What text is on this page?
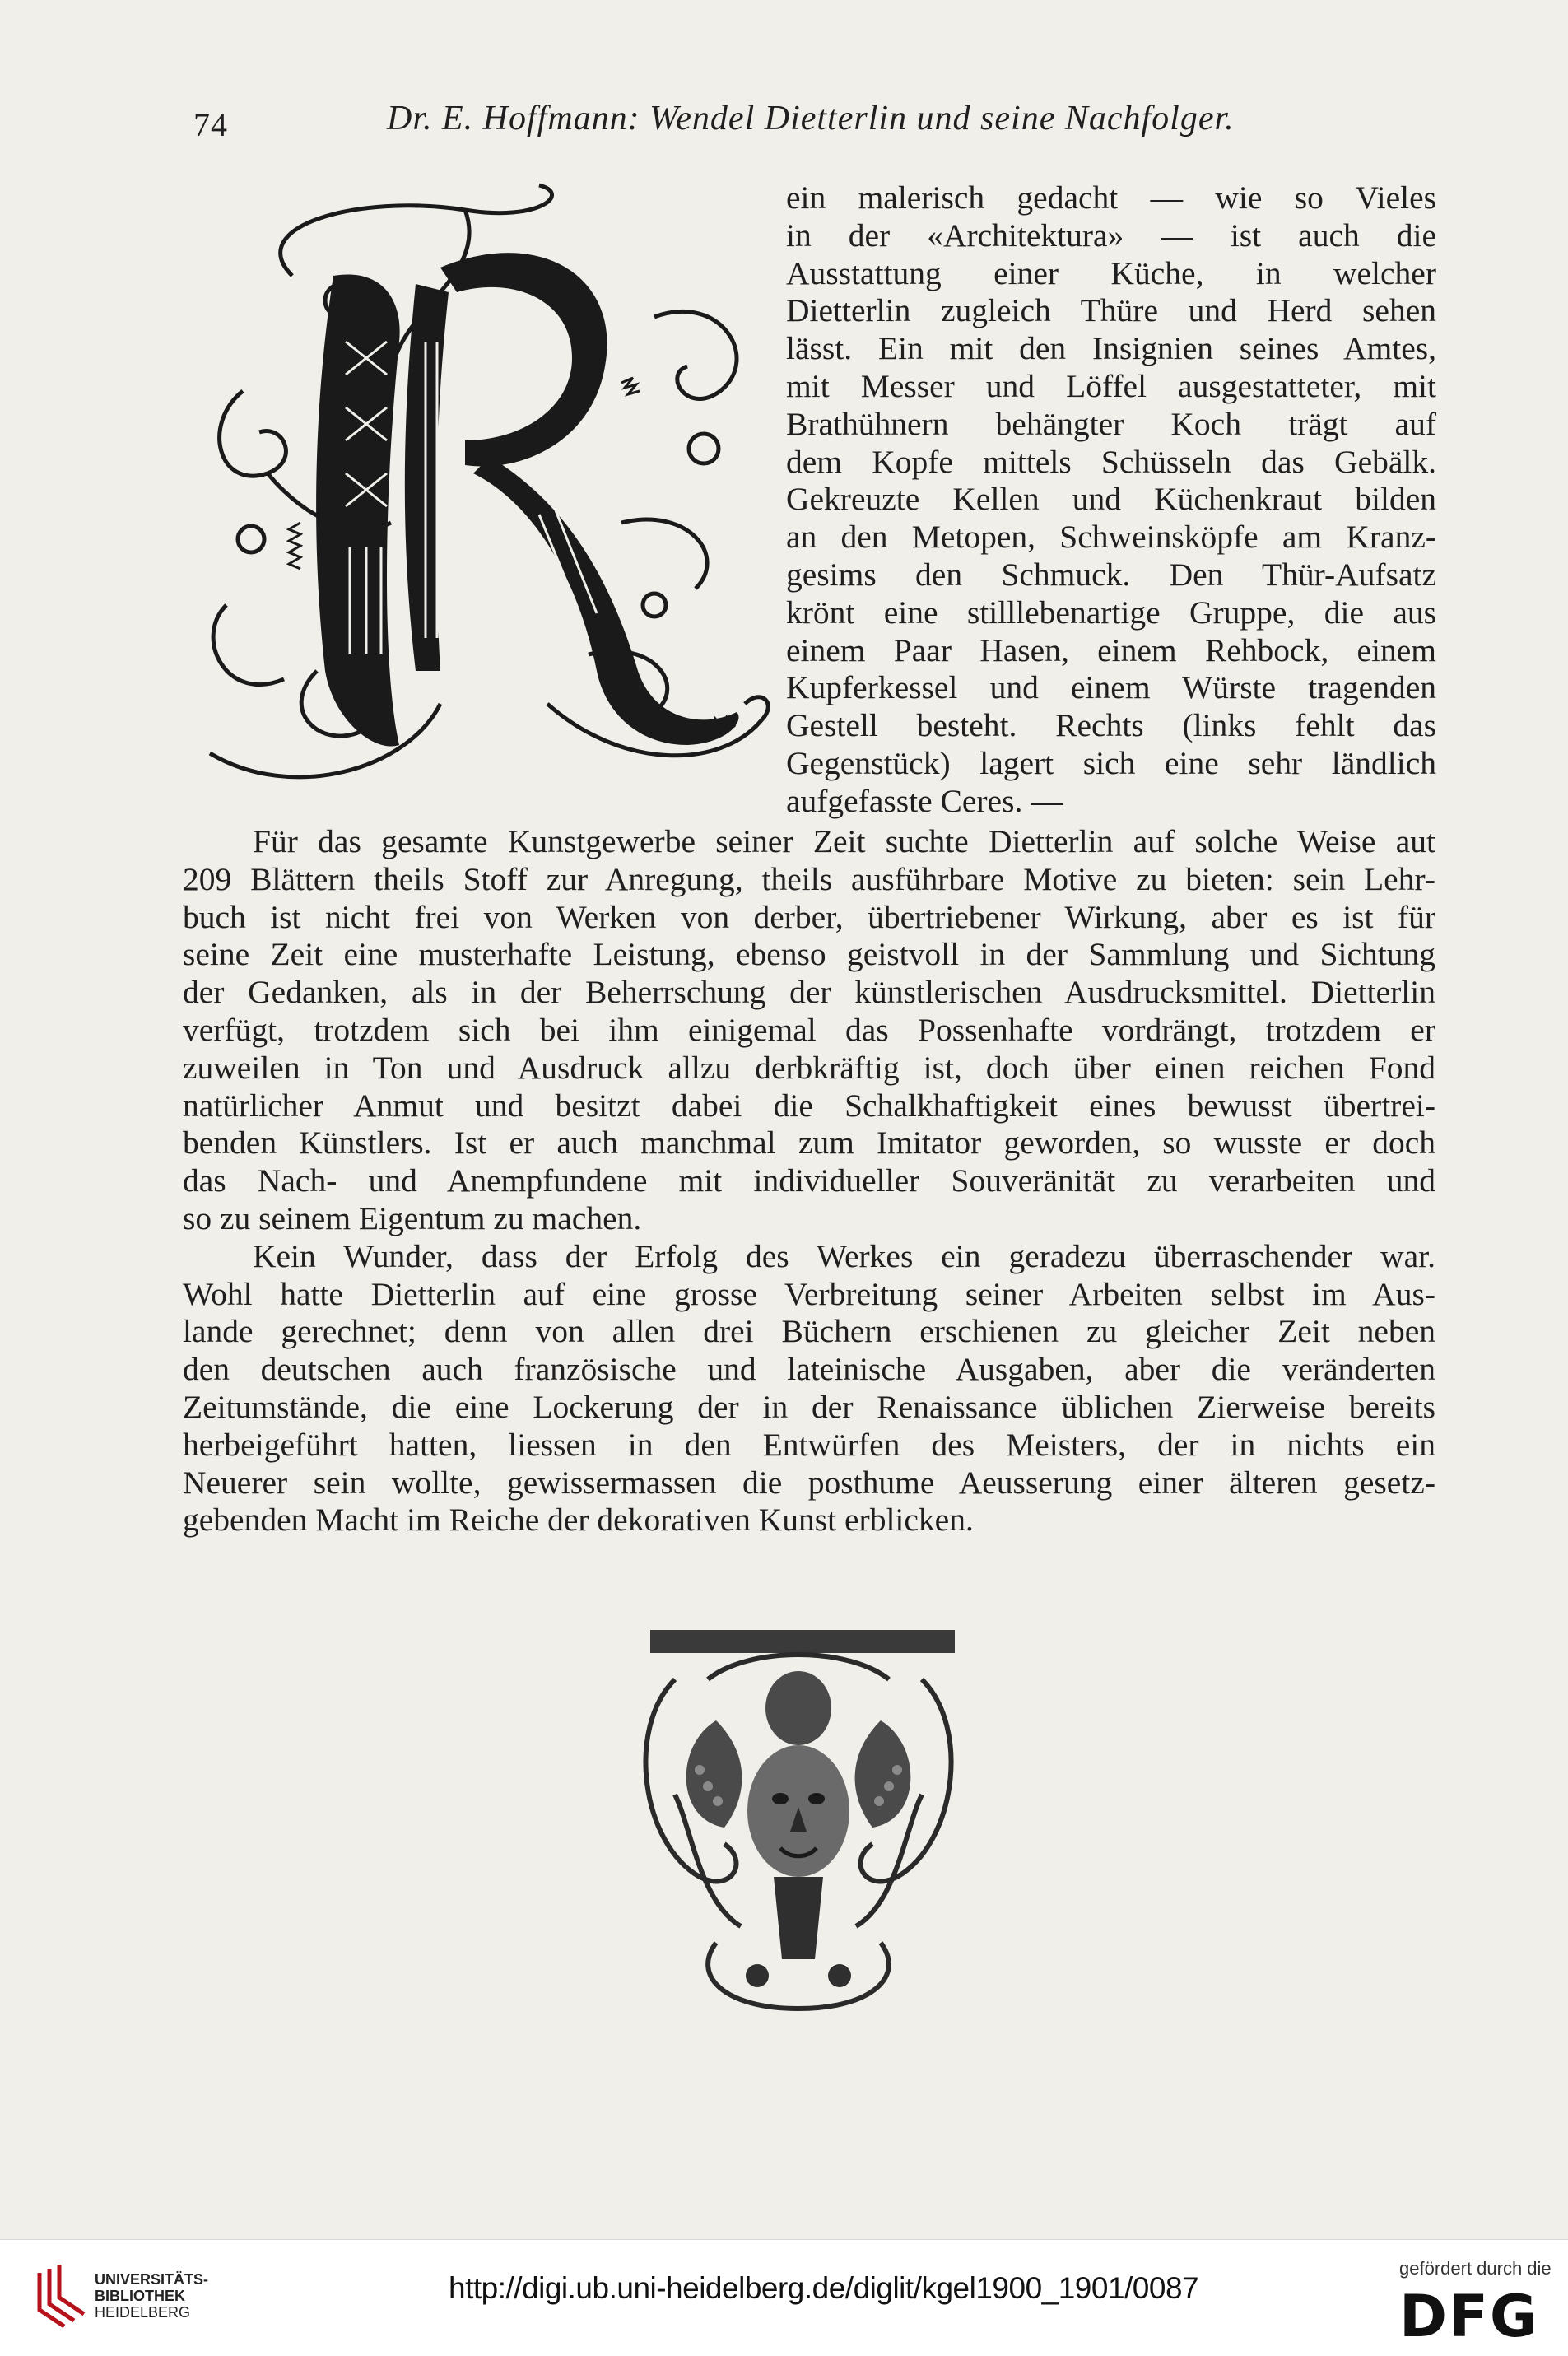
74	Dr. E. Hoffmann: Wendel Dietterlin und seine Nachfolger.
ein malerisch gedacht — wie so Vieles
in der «Architektura» — ist auch die
Ausstattung einer Küche, in welcher
Dietterlin zugleich Thüre und Herd sehen
lässt. Ein mit den Insignien seines Amtes,
mit Messer und Löffel ausgestatteter, mit
Brathühnern behängter Koch trägt auf
dem Kopfe mittels Schüsseln das Gebälk.
Gekreuzte Kellen und Küchenkraut bilden
an den Metopen, Schweinsköpfe am Kranz-
gesims den Schmuck. Den Thür-Aufsatz
krönt eine stilllebenartige Gruppe, die aus
einem Paar Hasen, einem Rehbock, einem
Kupferkessel und einem Würste tragenden
Gestell besteht. Rechts (links fehlt das
Gegenstück) lagert sich eine sehr ländlich
aufgefasste Ceres. —
Für das gesamte Kunstgewerbe seiner Zeit suchte Dietterlin auf solche Weise aut
209 Blättern theils Stoff zur Anregung, theils ausführbare Motive zu bieten: sein Lehr-
buch ist nicht frei von Werken von derber, übertriebener Wirkung, aber es ist für
seine Zeit eine musterhafte Leistung, ebenso geistvoll in der Sammlung und Sichtung
der Gedanken, als in der Beherrschung der künstlerischen Ausdrucksmittel. Dietterlin
verfügt, trotzdem sich bei ihm einigemal das Possenhafte vordrängt, trotzdem er
zuweilen in Ton und Ausdruck allzu derbkräftig ist, doch über einen reichen Fond
natürlicher Anmut und besitzt dabei die Schalkhaftigkeit eines bewusst übertrei-
benden Künstlers. Ist er auch manchmal zum Imitator geworden, so wusste er doch
das Nach- und Anempfundene mit individueller Souveränität zu verarbeiten und
so zu seinem Eigentum zu machen.
Kein Wunder, dass der Erfolg des Werkes ein geradezu überraschender war.
Wohl hatte Dietterlin auf eine grosse Verbreitung seiner Arbeiten selbst im Aus-
lande gerechnet; denn von allen drei Büchern erschienen zu gleicher Zeit neben
den deutschen auch französische und lateinische Ausgaben, aber die veränderten
Zeitumstände, die eine Lockerung der in der Renaissance üblichen Zierweise bereits
herbeigeführt hatten, liessen in den Entwürfen des Meisters, der in nichts ein
Neuerer sein wollte, gewissermassen die posthume Aeusserung einer älteren gesetz-
gebenden Macht im Reiche der dekorativen Kunst erblicken.
UNIVERSITÄTS-
BIBLIOTHEK
HEIDELBERG
http://digi.ub.uni-heidelberg.de/diglit/kgel1900_1901/0087
gefördert durch die
DFG
